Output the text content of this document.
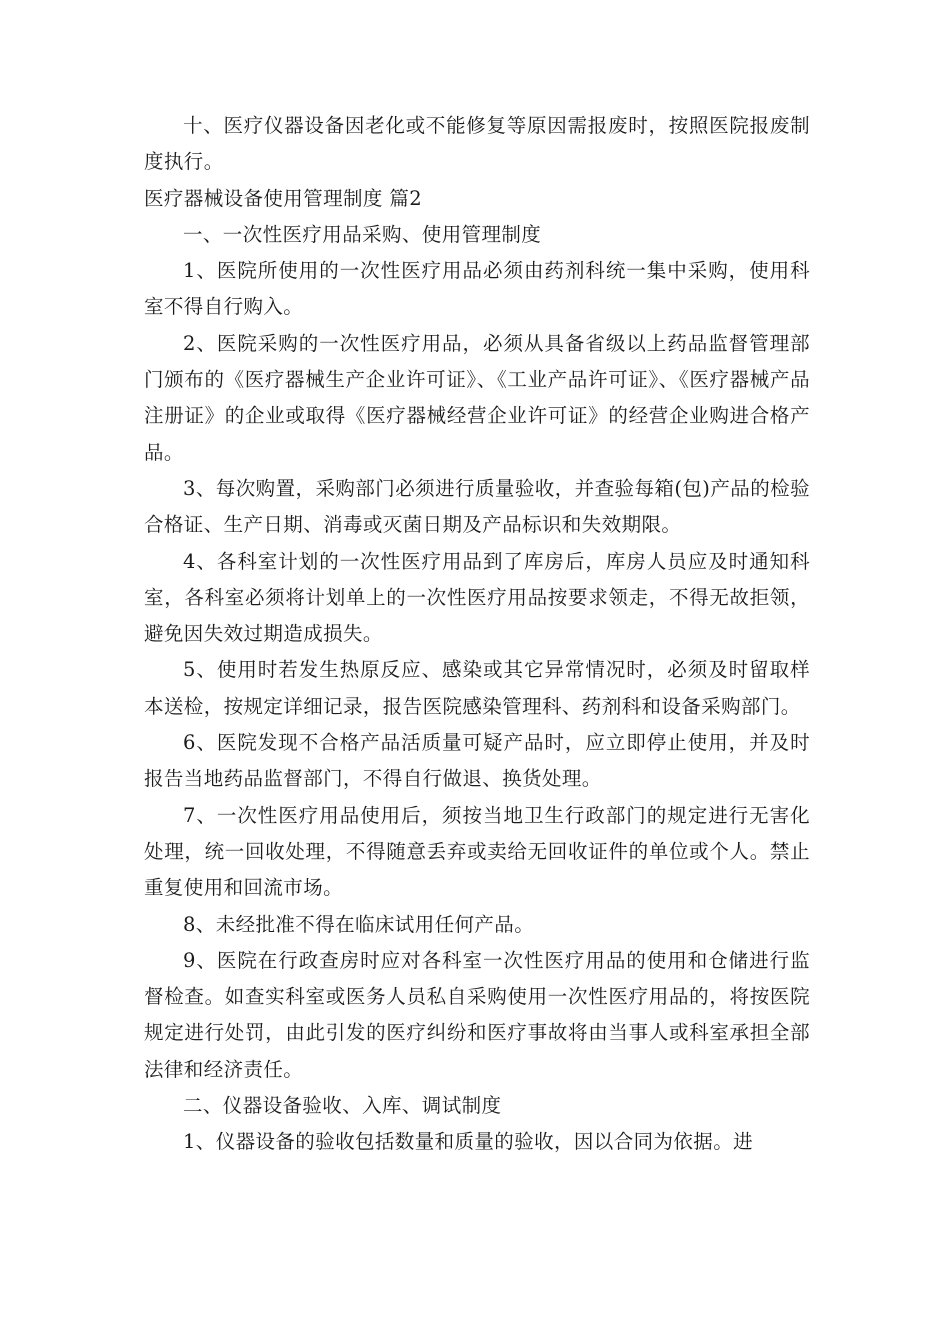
十、医疗仪器设备因老化或不能修复等原因需报废时，按照医院报废制度执行。

医疗器械设备使用管理制度 篇2

一、一次性医疗用品采购、使用管理制度

1、医院所使用的一次性医疗用品必须由药剂科统一集中采购，使用科室不得自行购入。

2、医院采购的一次性医疗用品，必须从具备省级以上药品监督管理部门颁布的《医疗器械生产企业许可证》、《工业产品许可证》、《医疗器械产品注册证》的企业或取得《医疗器械经营企业许可证》的经营企业购进合格产品。

3、每次购置，采购部门必须进行质量验收，并查验每箱(包)产品的检验合格证、生产日期、消毒或灭菌日期及产品标识和失效期限。

4、各科室计划的一次性医疗用品到了库房后，库房人员应及时通知科室，各科室必须将计划单上的一次性医疗用品按要求领走，不得无故拒领，避免因失效过期造成损失。

5、使用时若发生热原反应、感染或其它异常情况时，必须及时留取样本送检，按规定详细记录，报告医院感染管理科、药剂科和设备采购部门。

6、医院发现不合格产品活质量可疑产品时，应立即停止使用，并及时报告当地药品监督部门，不得自行做退、换货处理。

7、一次性医疗用品使用后，须按当地卫生行政部门的规定进行无害化处理，统一回收处理，不得随意丢弃或卖给无回收证件的单位或个人。禁止重复使用和回流市场。

8、未经批准不得在临床试用任何产品。

9、医院在行政查房时应对各科室一次性医疗用品的使用和仓储进行监督检查。如查实科室或医务人员私自采购使用一次性医疗用品的，将按医院规定进行处罚，由此引发的医疗纠纷和医疗事故将由当事人或科室承担全部法律和经济责任。

二、仪器设备验收、入库、调试制度

1、仪器设备的验收包括数量和质量的验收，因以合同为依据。进
